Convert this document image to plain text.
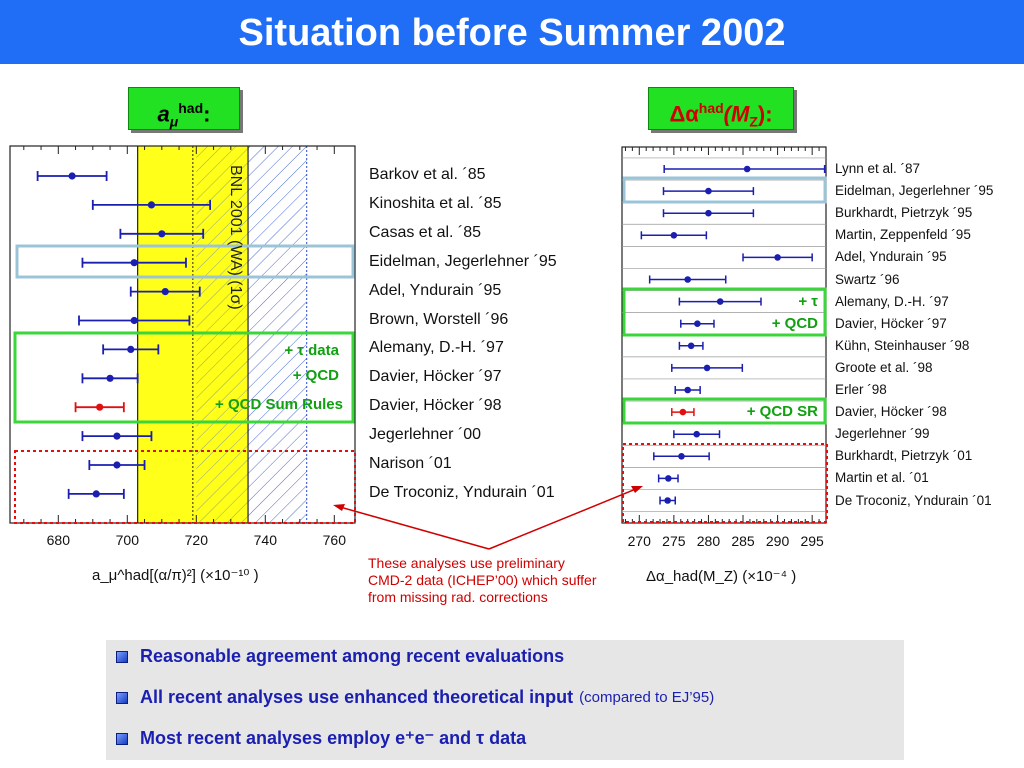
Situation before Summer 2002
$a_\mu^{had}$:	$\Delta\alpha^{had}(M_Z)$:
Barkov et al. ´85
Kinoshita et al. ´85
Casas et al. ´85
Eidelman, Jegerlehner ´95
Adel, Yndurain ´95
Brown, Worstell ´96
Alemany, D.-H. ´97
Davier, Höcker ´97
Davier, Höcker ´98
Jegerlehner ´00
Narison ´01
De Troconiz, Yndurain ´01
Lynn et al. ´87
Eidelman, Jegerlehner ´95
Burkhardt, Pietrzyk ´95
Martin, Zeppenfeld ´95
Adel, Yndurain ´95
Swartz ´96
Alemany, D.-H. ´97
Davier, Höcker ´97
Kühn, Steinhauser ´98
Groote et al. ´98
Erler ´98
Davier, Höcker ´98
Jegerlehner ´99
Burkhardt, Pietrzyk ´01
Martin et al. ´01
De Troconiz, Yndurain ´01
680	700	720	740	760	270 275 280 285 290 295
a_μ^had[(α/π)²] (×10⁻¹⁰ )	Δα_had(M_Z) (×10⁻⁴ )
+ τ data
+ QCD
+ QCD Sum Rules
BNL 2001 (WA) (1σ)	+ τ
+ QCD
+ QCD SR
These analyses use preliminary
CMD-2 data (ICHEP’00) which suffer
from missing rad. corrections
Reasonable agreement among recent evaluations
All recent analyses use enhanced theoretical input (compared to EJ’95)
Most recent analyses employ e⁺e⁻ and τ data
